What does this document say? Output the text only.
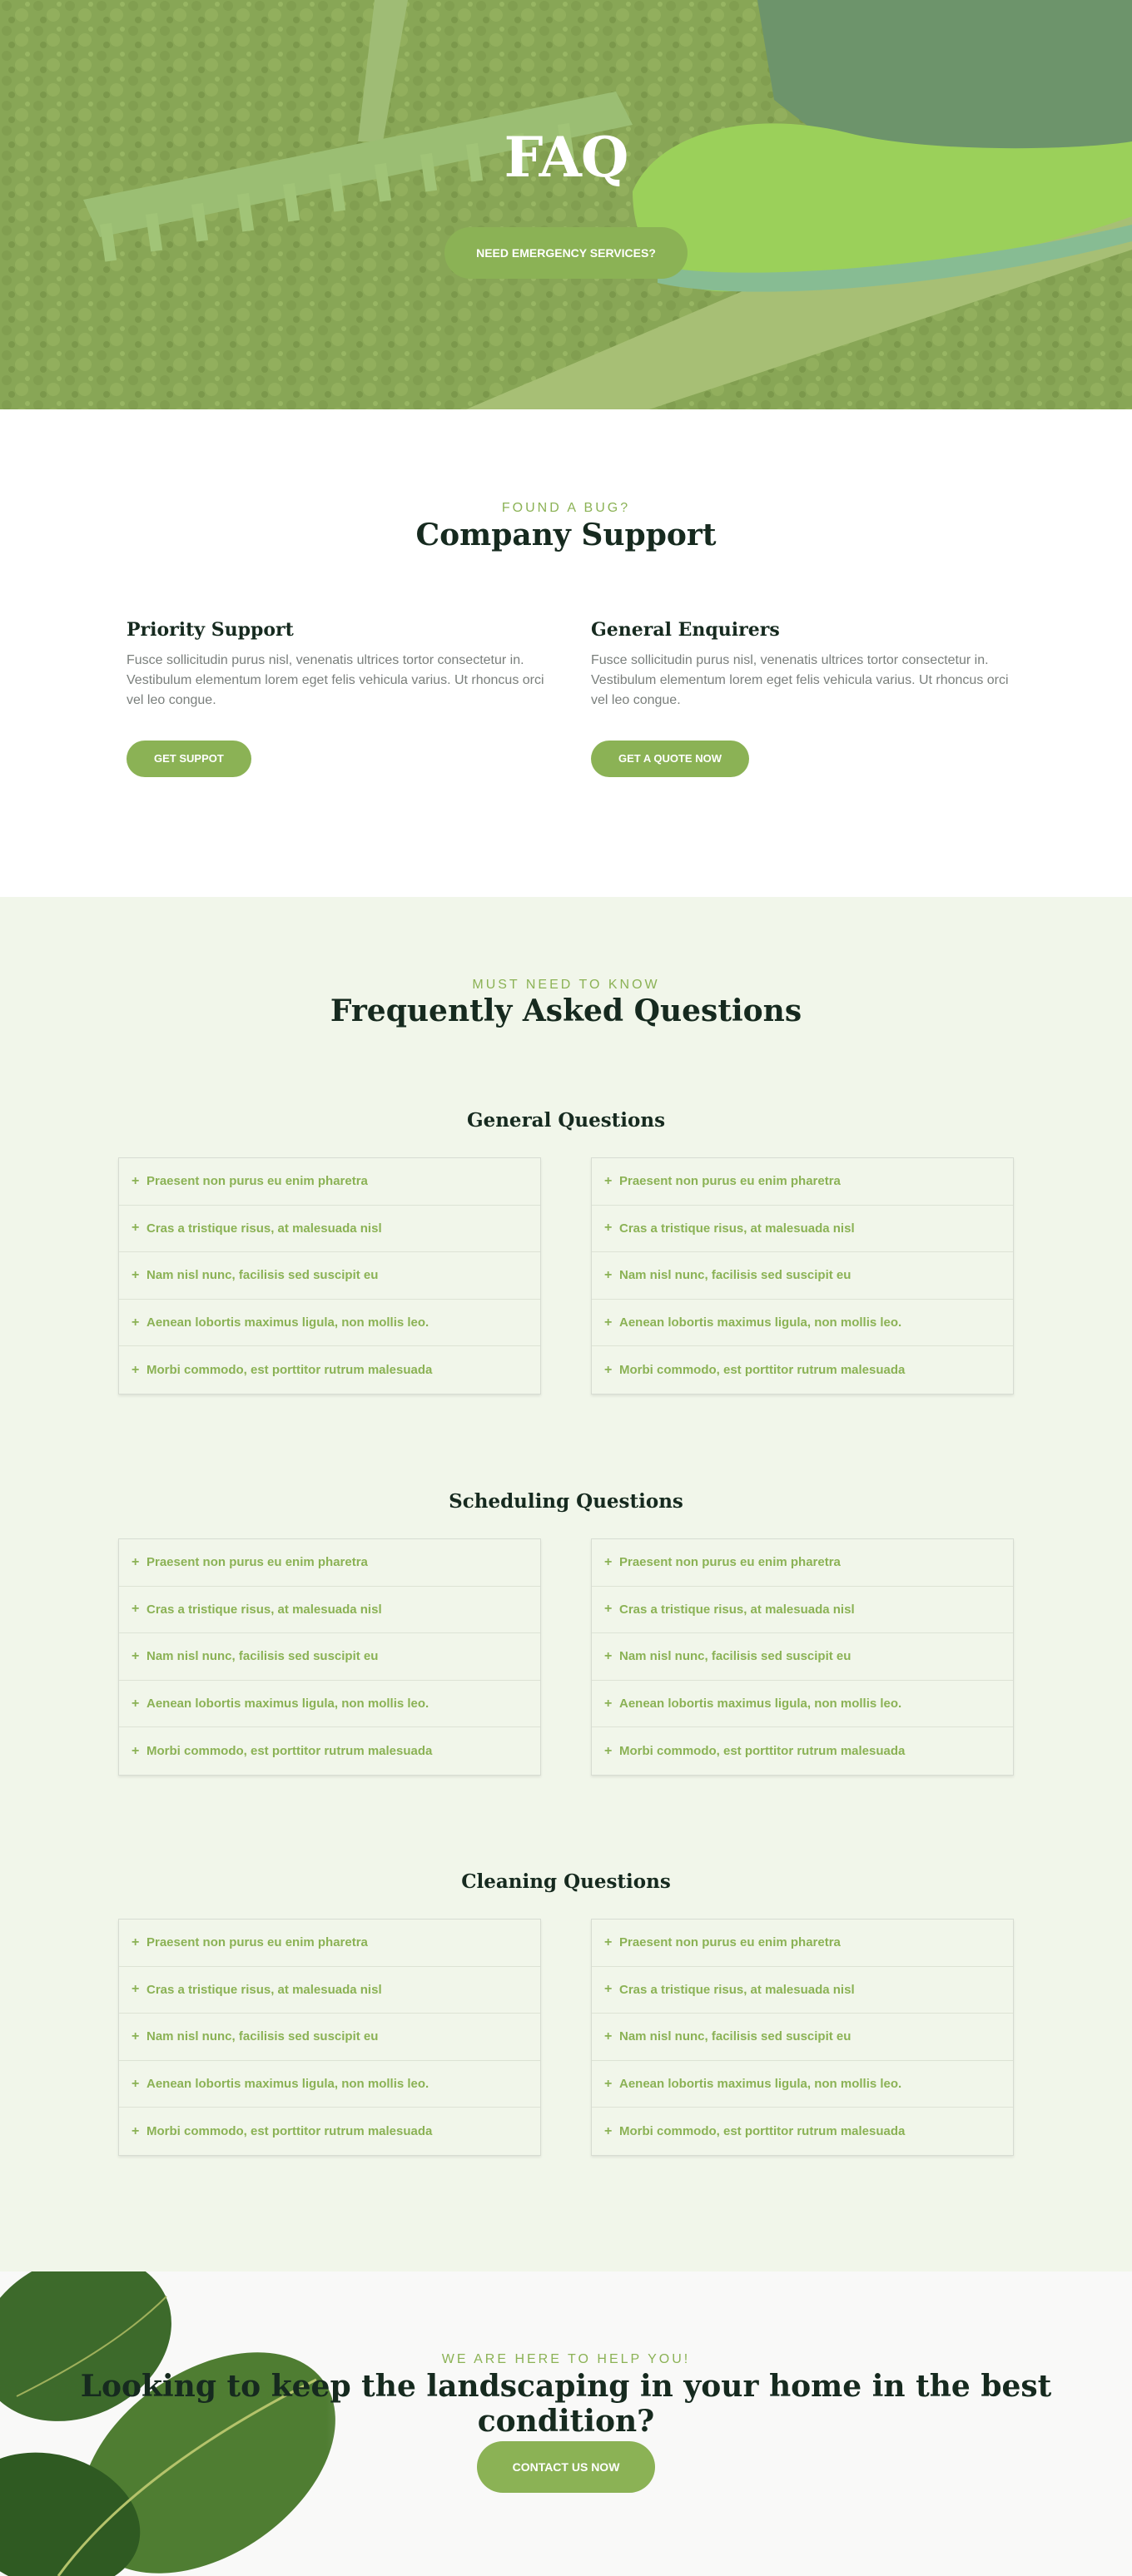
FAQ
NEED EMERGENCY SERVICES?
FOUND A BUG?
Company Support
Priority Support

Fusce sollicitudin purus nisl, venenatis ultrices tortor consectetur in. Vestibulum elementum lorem eget felis vehicula varius. Ut rhoncus orci vel leo congue.

GET SUPPOT
General Enquirers

Fusce sollicitudin purus nisl, venenatis ultrices tortor consectetur in. Vestibulum elementum lorem eget felis vehicula varius. Ut rhoncus orci vel leo congue.

GET A QUOTE NOW
MUST NEED TO KNOW
Frequently Asked Questions
General Questions
+ Praesent non purus eu enim pharetra
+ Cras a tristique risus, at malesuada nisl
+ Nam nisl nunc, facilisis sed suscipit eu
+ Aenean lobortis maximus ligula, non mollis leo.
+ Morbi commodo, est porttitor rutrum malesuada
+ Praesent non purus eu enim pharetra
+ Cras a tristique risus, at malesuada nisl
+ Nam nisl nunc, facilisis sed suscipit eu
+ Aenean lobortis maximus ligula, non mollis leo.
+ Morbi commodo, est porttitor rutrum malesuada
Scheduling Questions
+ Praesent non purus eu enim pharetra
+ Cras a tristique risus, at malesuada nisl
+ Nam nisl nunc, facilisis sed suscipit eu
+ Aenean lobortis maximus ligula, non mollis leo.
+ Morbi commodo, est porttitor rutrum malesuada
+ Praesent non purus eu enim pharetra
+ Cras a tristique risus, at malesuada nisl
+ Nam nisl nunc, facilisis sed suscipit eu
+ Aenean lobortis maximus ligula, non mollis leo.
+ Morbi commodo, est porttitor rutrum malesuada
Cleaning Questions
+ Praesent non purus eu enim pharetra
+ Cras a tristique risus, at malesuada nisl
+ Nam nisl nunc, facilisis sed suscipit eu
+ Aenean lobortis maximus ligula, non mollis leo.
+ Morbi commodo, est porttitor rutrum malesuada
+ Praesent non purus eu enim pharetra
+ Cras a tristique risus, at malesuada nisl
+ Nam nisl nunc, facilisis sed suscipit eu
+ Aenean lobortis maximus ligula, non mollis leo.
+ Morbi commodo, est porttitor rutrum malesuada
WE ARE HERE TO HELP YOU!
Looking to keep the landscaping in your home in the best condition?
CONTACT US NOW
